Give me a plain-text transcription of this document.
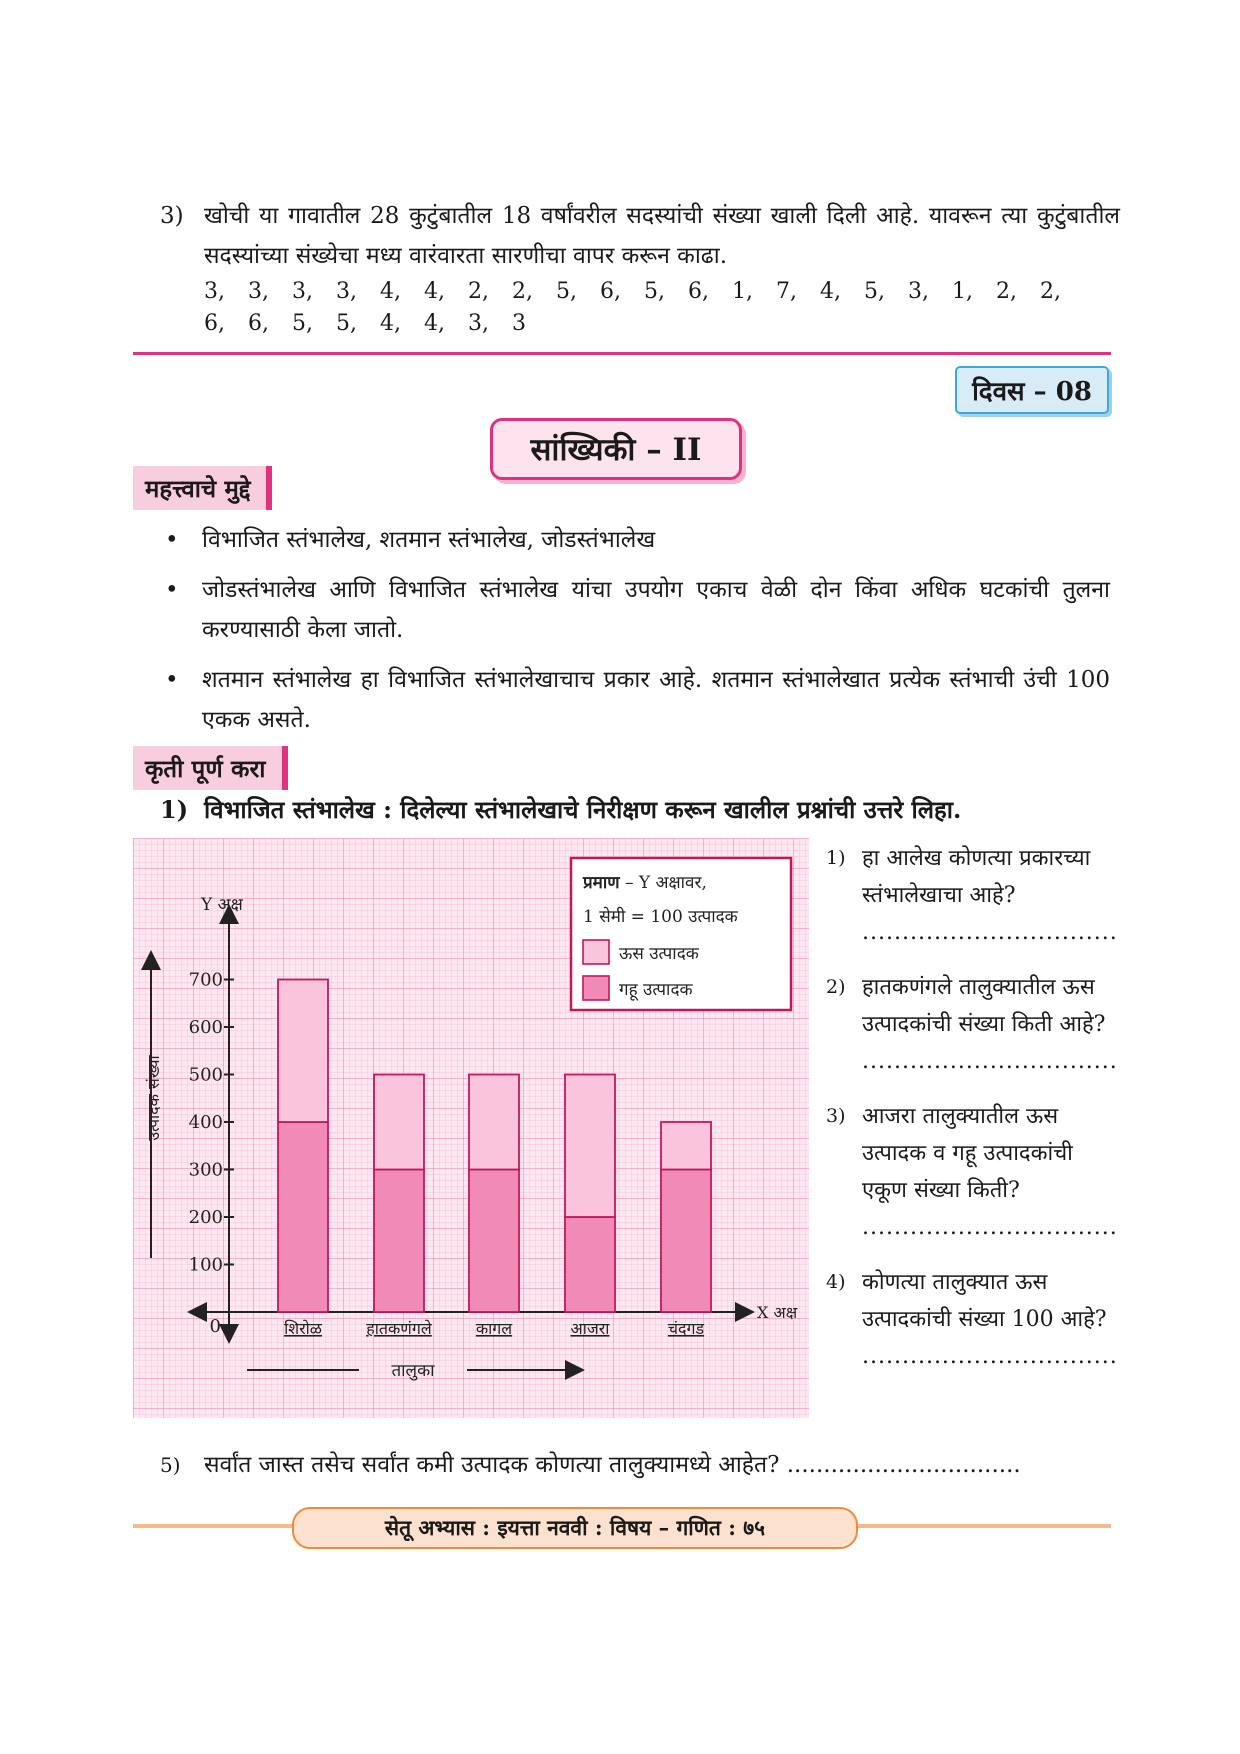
3) खोची या गावातील 28 कुटुंबातील 18 वर्षांवरील सदस्यांची संख्या खाली दिली आहे. यावरून त्या कुटुंबातील सदस्यांच्या संख्येचा मध्य वारंवारता सारणीचा वापर करून काढा.
3,	3,	3,	3,	4,	4,	2,	2,	5,	6,	5,	6,	1,	7,	4,	5,	3,	1,	2,	2,
6,	6,	5,	5,	4,	4,	3,	3
दिवस – 08
सांख्यिकी – II
महत्त्वाचे मुद्दे
• विभाजित स्तंभालेख, शतमान स्तंभालेख, जोडस्तंभालेख
• जोडस्तंभालेख आणि विभाजित स्तंभालेख यांचा उपयोग एकाच वेळी दोन किंवा अधिक घटकांची तुलना करण्यासाठी केला जातो.
• शतमान स्तंभालेख हा विभाजित स्तंभालेखाचाच प्रकार आहे. शतमान स्तंभालेखात प्रत्येक स्तंभाची उंची 100 एकक असते.
कृती पूर्ण करा
1) विभाजित स्तंभालेख : दिलेल्या स्तंभालेखाचे निरीक्षण करून खालील प्रश्नांची उत्तरे लिहा.
Y अक्ष
X अक्ष
100
200
300
400
500
600
700
0	शिरोळ	हातकणंगले	कागल	आजरा	चंदगड
उत्पादक संख्या
तालुका
प्रमाण – Y अक्षावर,
1 सेमी = 100 उत्पादक
ऊस उत्पादक
गहू उत्पादक
1) हा आलेख कोणत्या प्रकारच्या स्तंभालेखाचा आहे?
................................
2) हातकणंगले तालुक्यातील ऊस उत्पादकांची संख्या किती आहे?
................................
3) आजरा तालुक्यातील ऊस उत्पादक व गहू उत्पादकांची एकूण संख्या किती?
................................
4) कोणत्या तालुक्यात ऊस उत्पादकांची संख्या 100 आहे?
................................
5) सर्वांत जास्त तसेच सर्वांत कमी उत्पादक कोणत्या तालुक्यामध्ये आहेत? ................................
सेतू अभ्यास : इयत्ता नववी : विषय – गणित : ७५
